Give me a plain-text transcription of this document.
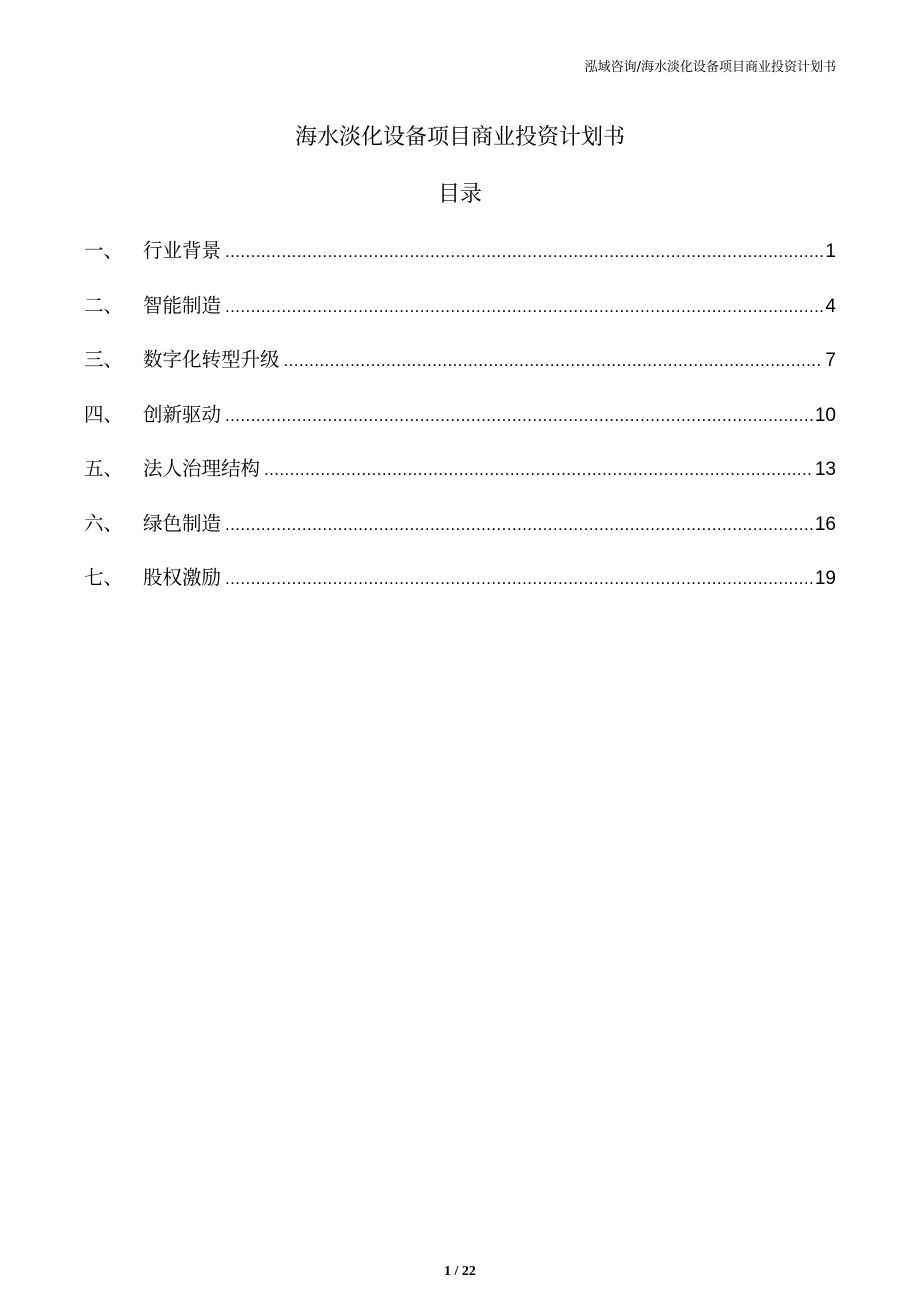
泓域咨询/海水淡化设备项目商业投资计划书
海水淡化设备项目商业投资计划书
目录
一、	行业背景 .....	1
二、	智能制造 .....	4
三、	数字化转型升级 .....	7
四、	创新驱动 .....	10
五、	法人治理结构 .....	13
六、	绿色制造 .....	16
七、	股权激励 .....	19
1 / 22
